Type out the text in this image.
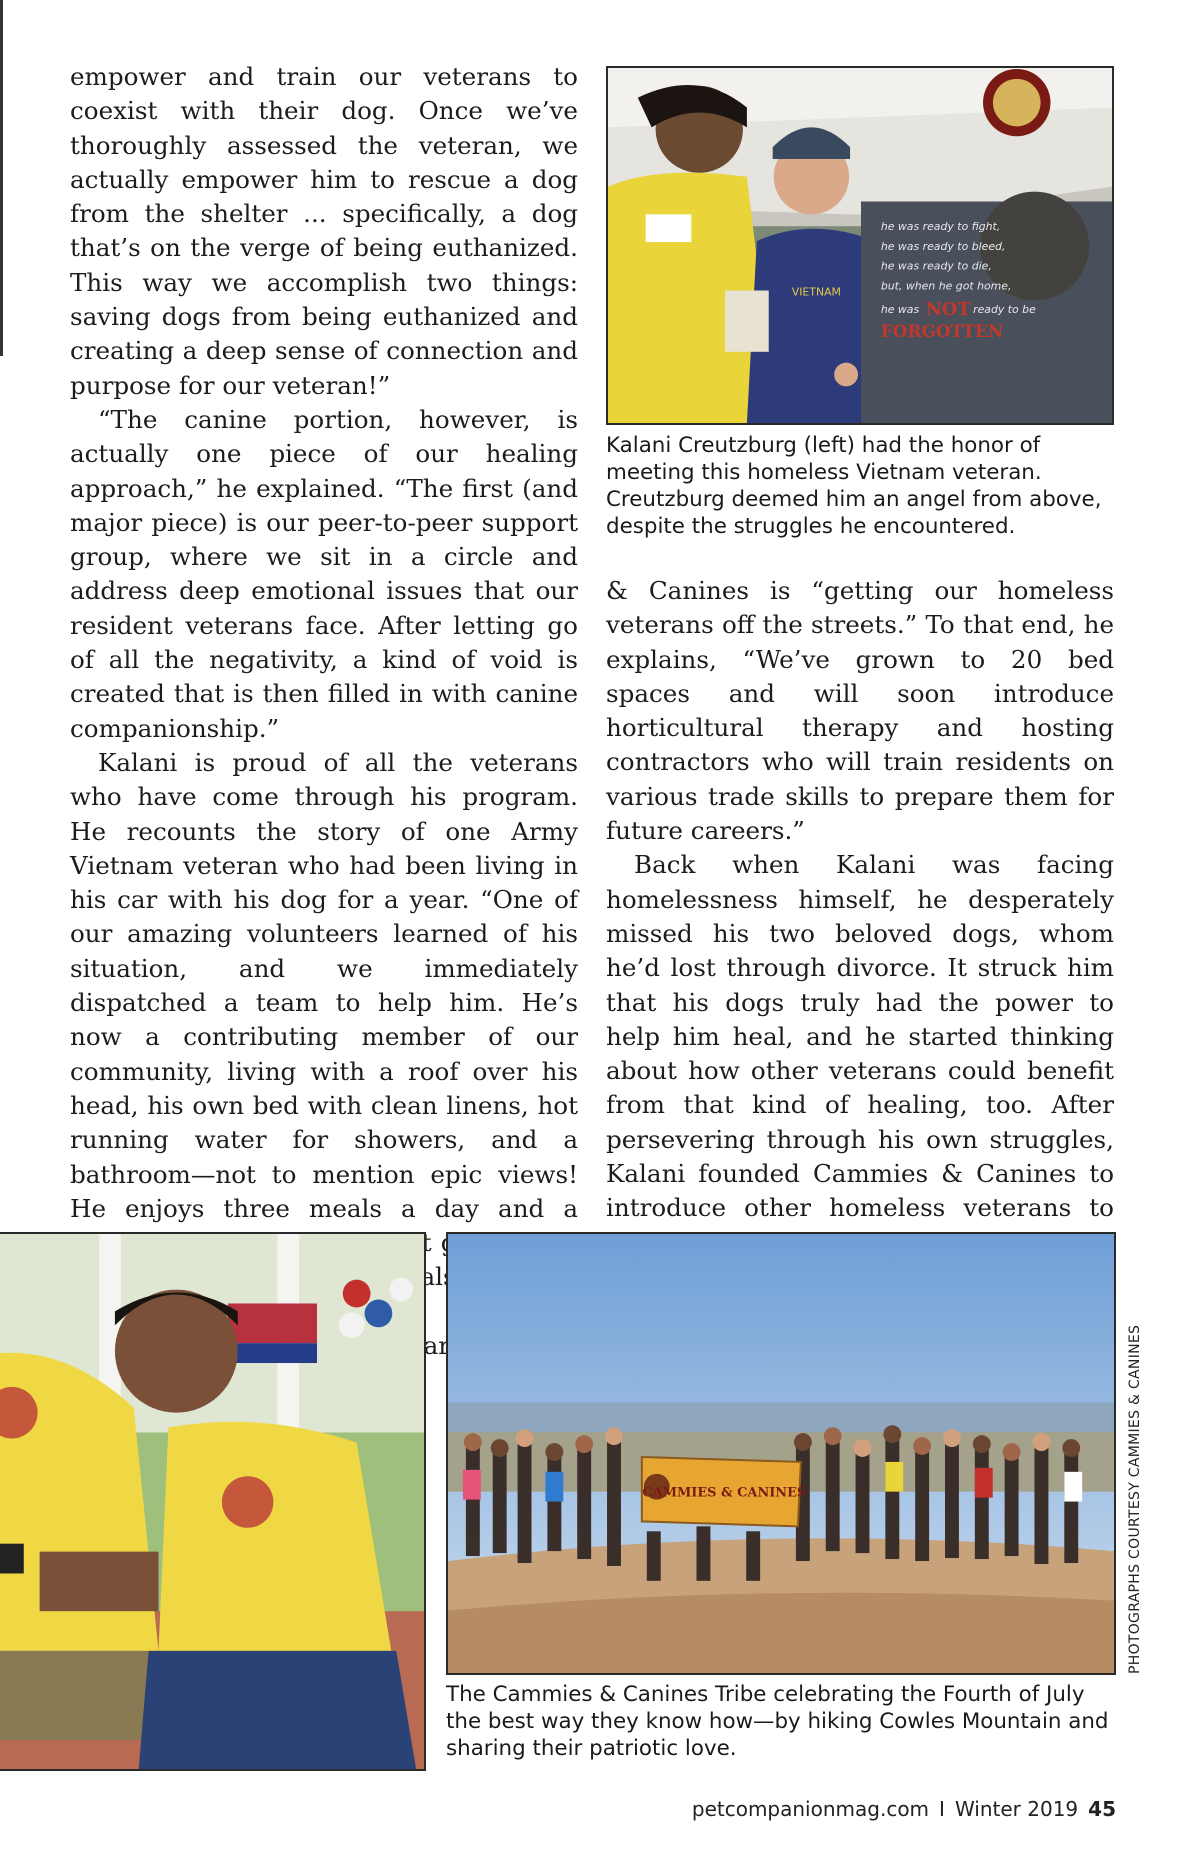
empower and train our veterans to coexist with their dog. Once we’ve thoroughly assessed the veteran, we actually empower him to rescue a dog from the shelter ... specifically, a dog that’s on the verge of being euthanized. This way we accomplish two things: saving dogs from being euthanized and creating a deep sense of connection and purpose for our veteran!”

“The canine portion, however, is actually one piece of our healing approach,” he explained. “The first (and major piece) is our peer-to-peer support group, where we sit in a circle and address deep emotional issues that our resident veterans face. After letting go of all the negativity, a kind of void is created that is then filled in with canine companionship.”

Kalani is proud of all the veterans who have come through his program. He recounts the story of one Army Vietnam veteran who had been living in his car with his dog for a year. “One of our amazing volunteers learned of his situation, and we immediately dispatched a team to help him. He’s now a contributing member of our community, living with a roof over his head, his own bed with clean linens, hot running water for showers, and a bathroom—not to mention epic views! He enjoys three meals a day and a animals—yes,

VIETNAM
he was ready to fight,
he was ready to bleed,
he was ready to die,
but, when he got home,
he was	ready to be
NOT
FORGOTTEN
Kalani Creutzburg (left) had the honor of meeting this homeless Vietnam veteran. Creutzburg deemed him an angel from above, despite the struggles he encountered.

& Canines is “getting our homeless veterans off the streets.” To that end, he explains, “We’ve grown to 20 bed spaces and will soon introduce horticultural therapy and hosting contractors who will train residents on various trade skills to prepare them for future careers.”

Back when Kalani was facing homelessness himself, he desperately missed his two beloved dogs, whom he’d lost through divorce. It struck him that his dogs truly had the power to help him heal, and he started thinking about how other veterans could benefit from that kind of healing, too. After persevering through his own struggles, Kalani founded Cammies & Canines to introduce other homeless veterans to

CAMMIES & CANINES
The Cammies & Canines Tribe celebrating the Fourth of July the best way they know how—by hiking Cowles Mountain and sharing their patriotic love.
PHOTOGRAPHS COURTESY CAMMIES & CANINES
petcompanionmag.com I Winter 2019 45
